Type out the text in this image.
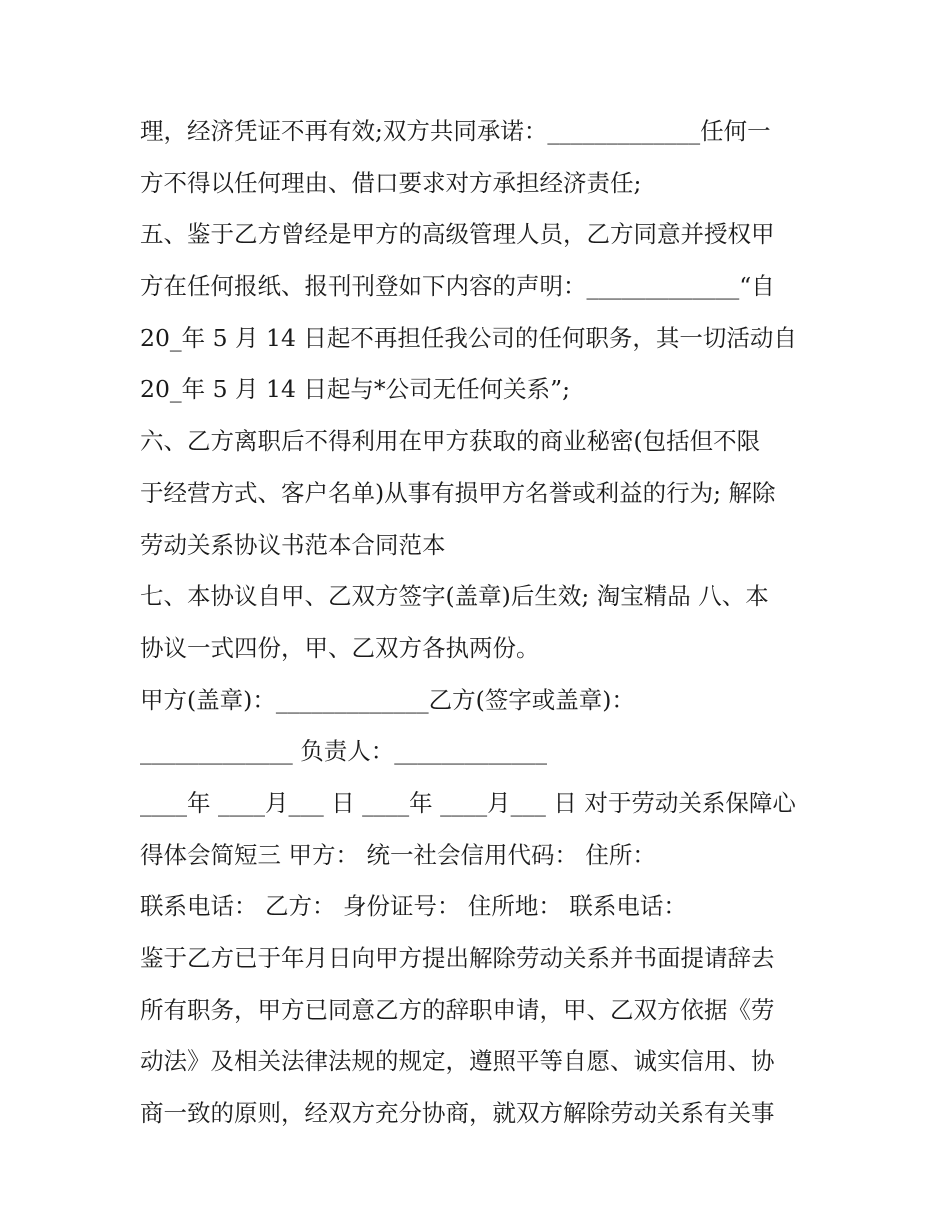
理，经济凭证不再有效;双方共同承诺：_____________任何一
方不得以任何理由、借口要求对方承担经济责任;
五、鉴于乙方曾经是甲方的高级管理人员，乙方同意并授权甲
方在任何报纸、报刊刊登如下内容的声明：_____________“自
20_年 5 月 14 日起不再担任我公司的任何职务，其一切活动自
20_年 5 月 14 日起与*公司无任何关系”;
六、乙方离职后不得利用在甲方获取的商业秘密(包括但不限
于经营方式、客户名单)从事有损甲方名誉或利益的行为; 解除
劳动关系协议书范本合同范本
七、本协议自甲、乙双方签字(盖章)后生效; 淘宝精品 八、本
协议一式四份，甲、乙双方各执两份。
甲方(盖章)：_____________乙方(签字或盖章)：
_____________ 负责人：_____________
____年 ____月___ 日 ____年 ____月___ 日 对于劳动关系保障心
得体会简短三 甲方： 统一社会信用代码： 住所：
联系电话： 乙方： 身份证号： 住所地： 联系电话：
鉴于乙方已于年月日向甲方提出解除劳动关系并书面提请辞去
所有职务，甲方已同意乙方的辞职申请，甲、乙双方依据《劳
动法》及相关法律法规的规定，遵照平等自愿、诚实信用、协
商一致的原则，经双方充分协商，就双方解除劳动关系有关事
